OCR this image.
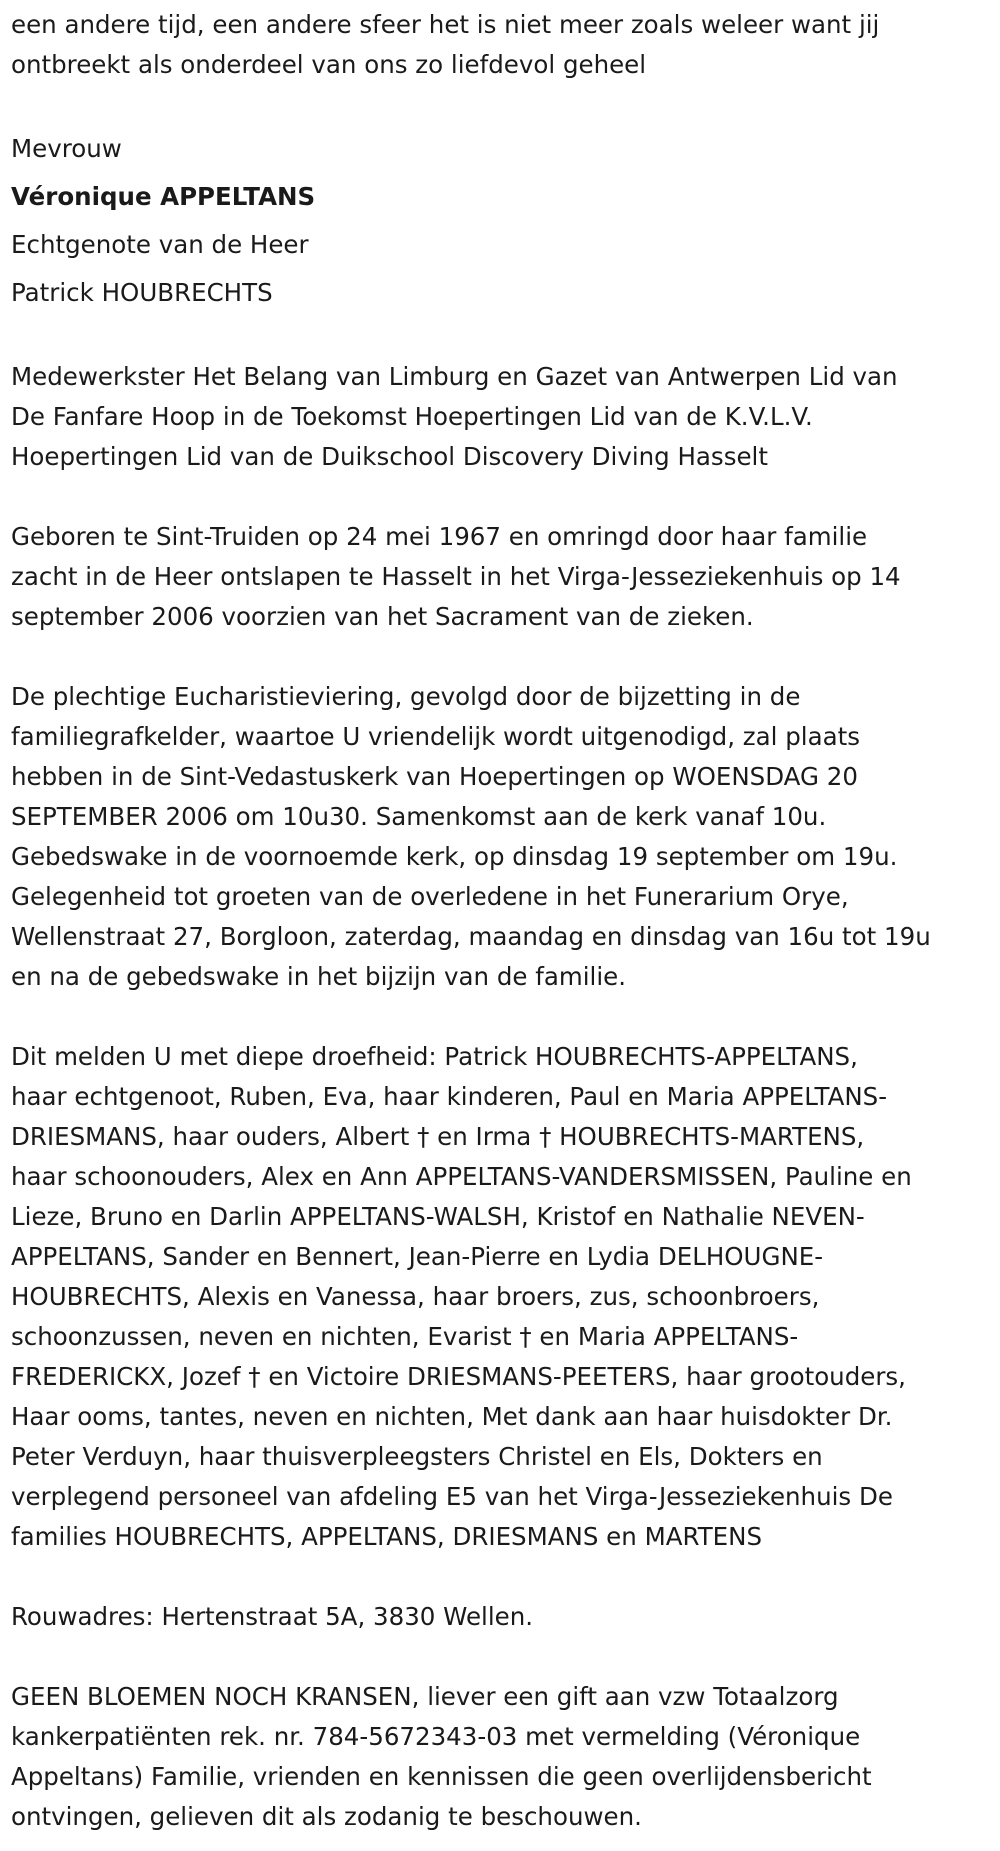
een andere tijd, een andere sfeer het is niet meer zoals weleer want jij
ontbreekt als onderdeel van ons zo liefdevol geheel
Mevrouw
Véronique APPELTANS
Echtgenote van de Heer
Patrick HOUBRECHTS
Medewerkster Het Belang van Limburg en Gazet van Antwerpen Lid van
De Fanfare Hoop in de Toekomst Hoepertingen Lid van de K.V.L.V.
Hoepertingen Lid van de Duikschool Discovery Diving Hasselt
Geboren te Sint-Truiden op 24 mei 1967 en omringd door haar familie
zacht in de Heer ontslapen te Hasselt in het Virga-Jesseziekenhuis op 14
september 2006 voorzien van het Sacrament van de zieken.
De plechtige Eucharistieviering, gevolgd door de bijzetting in de
familiegrafkelder, waartoe U vriendelijk wordt uitgenodigd, zal plaats
hebben in de Sint-Vedastuskerk van Hoepertingen op WOENSDAG 20
SEPTEMBER 2006 om 10u30. Samenkomst aan de kerk vanaf 10u.
Gebedswake in de voornoemde kerk, op dinsdag 19 september om 19u.
Gelegenheid tot groeten van de overledene in het Funerarium Orye,
Wellenstraat 27, Borgloon, zaterdag, maandag en dinsdag van 16u tot 19u
en na de gebedswake in het bijzijn van de familie.
Dit melden U met diepe droefheid: Patrick HOUBRECHTS-APPELTANS,
haar echtgenoot, Ruben, Eva, haar kinderen, Paul en Maria APPELTANS-
DRIESMANS, haar ouders, Albert † en Irma † HOUBRECHTS-MARTENS,
haar schoonouders, Alex en Ann APPELTANS-VANDERSMISSEN, Pauline en
Lieze, Bruno en Darlin APPELTANS-WALSH, Kristof en Nathalie NEVEN-
APPELTANS, Sander en Bennert, Jean-Pierre en Lydia DELHOUGNE-
HOUBRECHTS, Alexis en Vanessa, haar broers, zus, schoonbroers,
schoonzussen, neven en nichten, Evarist † en Maria APPELTANS-
FREDERICKX, Jozef † en Victoire DRIESMANS-PEETERS, haar grootouders,
Haar ooms, tantes, neven en nichten, Met dank aan haar huisdokter Dr.
Peter Verduyn, haar thuisverpleegsters Christel en Els, Dokters en
verplegend personeel van afdeling E5 van het Virga-Jesseziekenhuis De
families HOUBRECHTS, APPELTANS, DRIESMANS en MARTENS
Rouwadres: Hertenstraat 5A, 3830 Wellen.
GEEN BLOEMEN NOCH KRANSEN, liever een gift aan vzw Totaalzorg
kankerpatiënten rek. nr. 784-5672343-03 met vermelding (Véronique
Appeltans) Familie, vrienden en kennissen die geen overlijdensbericht
ontvingen, gelieven dit als zodanig te beschouwen.
